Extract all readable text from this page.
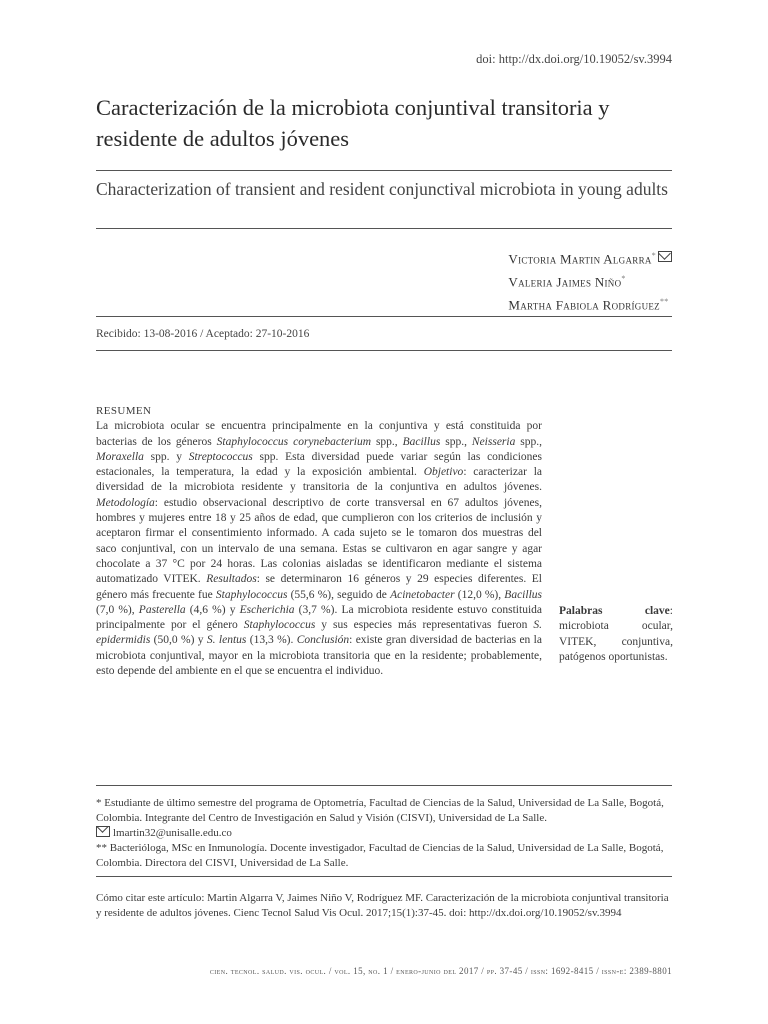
doi: http://dx.doi.org/10.19052/sv.3994
Caracterización de la microbiota conjuntival transitoria y residente de adultos jóvenes
Characterization of transient and resident conjunctival microbiota in young adults
Victoria Martin Algarra*
Valeria Jaimes Niño*
Martha Fabiola Rodríguez**
Recibido: 13-08-2016 / Aceptado: 27-10-2016
RESUMEN
La microbiota ocular se encuentra principalmente en la conjuntiva y está constituida por bacterias de los géneros Staphylococcus corynebacterium spp., Bacillus spp., Neisseria spp., Moraxella spp. y Streptococcus spp. Esta diversidad puede variar según las condiciones estacionales, la temperatura, la edad y la exposición ambiental. Objetivo: caracterizar la diversidad de la microbiota residente y transitoria de la conjuntiva en adultos jóvenes. Metodología: estudio observacional descriptivo de corte transversal en 67 adultos jóvenes, hombres y mujeres entre 18 y 25 años de edad, que cumplieron con los criterios de inclusión y aceptaron firmar el consentimiento informado. A cada sujeto se le tomaron dos muestras del saco conjuntival, con un intervalo de una semana. Estas se cultivaron en agar sangre y agar chocolate a 37 °C por 24 horas. Las colonias aisladas se identificaron mediante el sistema automatizado VITEK. Resultados: se determinaron 16 géneros y 29 especies diferentes. El género más frecuente fue Staphylococcus (55,6 %), seguido de Acinetobacter (12,0 %), Bacillus (7,0 %), Pasterella (4,6 %) y Escherichia (3,7 %). La microbiota residente estuvo constituida principalmente por el género Staphylococcus y sus especies más representativas fueron S. epidermidis (50,0 %) y S. lentus (13,3 %). Conclusión: existe gran diversidad de bacterias en la microbiota conjuntival, mayor en la microbiota transitoria que en la residente; probablemente, esto depende del ambiente en el que se encuentra el individuo.
Palabras clave: microbiota ocular, VITEK, conjuntiva, patógenos oportunistas.

* Estudiante de último semestre del programa de Optometría, Facultad de Ciencias de la Salud, Universidad de La Salle, Bogotá, Colombia. Integrante del Centro de Investigación en Salud y Visión (CISVI), Universidad de La Salle.

lmartin32@unisalle.edu.co

** Bacterióloga, MSc en Inmunología. Docente investigador, Facultad de Ciencias de la Salud, Universidad de La Salle, Bogotá, Colombia. Directora del CISVI, Universidad de La Salle.

Cómo citar este artículo: Martin Algarra V, Jaimes Niño V, Rodríguez MF. Caracterización de la microbiota conjuntival transitoria y residente de adultos jóvenes. Cienc Tecnol Salud Vis Ocul. 2017;15(1):37-45. doi: http://dx.doi.org/10.19052/sv.3994
cien. tecnol. salud. vis. ocul. / vol. 15, no. 1 / enero-junio del 2017 / pp. 37-45 / issn: 1692-8415 / issn-e: 2389-8801
